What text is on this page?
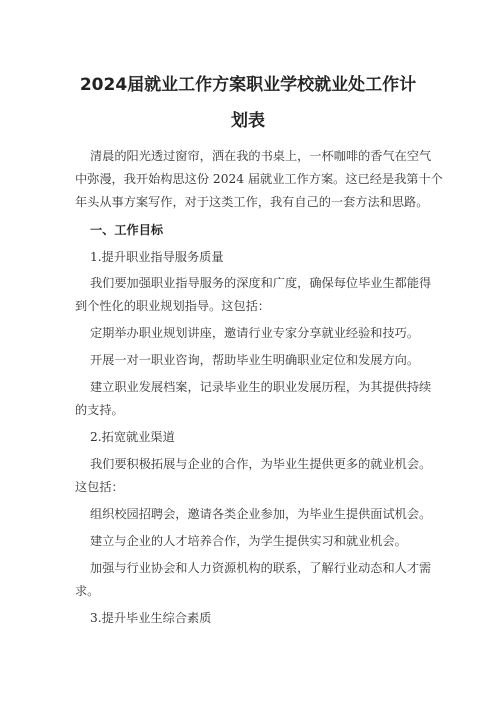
2024届就业工作方案职业学校就业处工作计
划表
清晨的阳光透过窗帘，洒在我的书桌上，一杯咖啡的香气在空气
中弥漫，我开始构思这份 2024 届就业工作方案。这已经是我第十个
年头从事方案写作，对于这类工作，我有自己的一套方法和思路。
一、工作目标
1.提升职业指导服务质量
我们要加强职业指导服务的深度和广度，确保每位毕业生都能得
到个性化的职业规划指导。这包括：
定期举办职业规划讲座，邀请行业专家分享就业经验和技巧。
开展一对一职业咨询，帮助毕业生明确职业定位和发展方向。
建立职业发展档案，记录毕业生的职业发展历程，为其提供持续
的支持。
2.拓宽就业渠道
我们要积极拓展与企业的合作，为毕业生提供更多的就业机会。
这包括：
组织校园招聘会，邀请各类企业参加，为毕业生提供面试机会。
建立与企业的人才培养合作，为学生提供实习和就业机会。
加强与行业协会和人力资源机构的联系，了解行业动态和人才需
求。
3.提升毕业生综合素质
